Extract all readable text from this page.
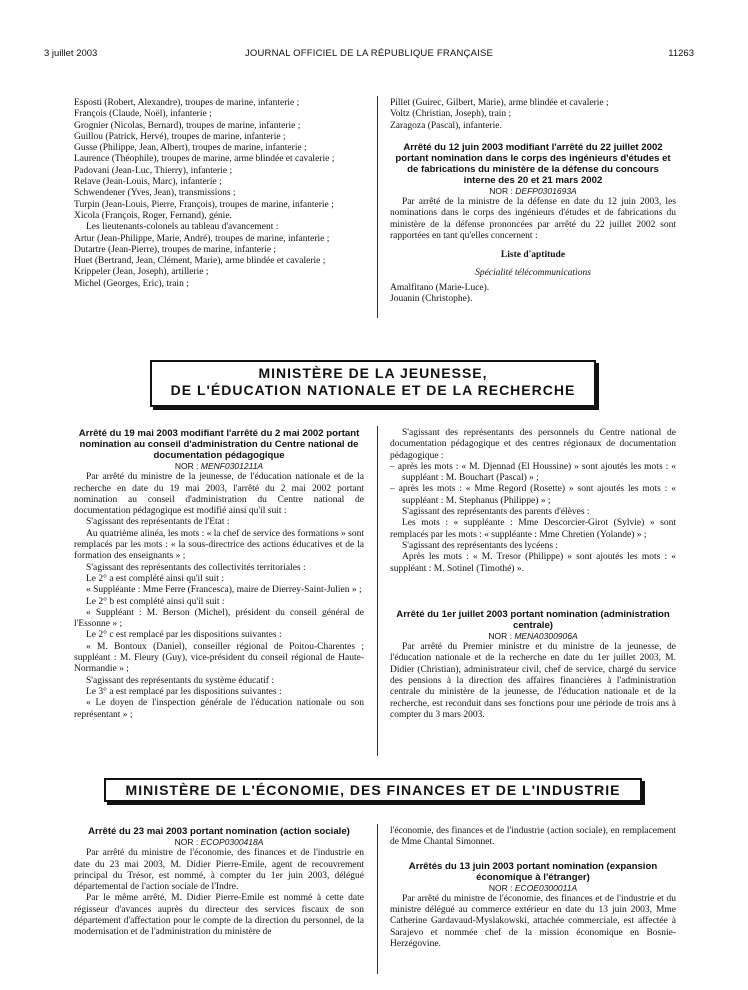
3 juillet 2003	JOURNAL OFFICIEL DE LA RÉPUBLIQUE FRANÇAISE	11263

Esposti (Robert, Alexandre), troupes de marine, infanterie ;

François (Claude, Noël), infanterie ;

Grognier (Nicolas, Bernard), troupes de marine, infanterie ;

Guillou (Patrick, Hervé), troupes de marine, infanterie ;

Gusse (Philippe, Jean, Albert), troupes de marine, infanterie ;

Laurence (Théophile), troupes de marine, arme blindée et cavalerie ;

Padovani (Jean-Luc, Thierry), infanterie ;

Relave (Jean-Louis, Marc), infanterie ;

Schwendener (Yves, Jean), transmissions ;

Turpin (Jean-Louis, Pierre, François), troupes de marine, infanterie ;

Xicola (François, Roger, Fernand), génie.

Les lieutenants-colonels au tableau d'avancement :

Artur (Jean-Philippe, Marie, André), troupes de marine, infanterie ;

Dutartre (Jean-Pierre), troupes de marine, infanterie ;

Huet (Bertrand, Jean, Clément, Marie), arme blindée et cavalerie ;

Krippeler (Jean, Joseph), artillerie ;

Michel (Georges, Eric), train ;

Pillet (Guirec, Gilbert, Marie), arme blindée et cavalerie ;

Voltz (Christian, Joseph), train ;

Zaragoza (Pascal), infanterie.

Arrêté du 12 juin 2003 modifiant l'arrêté du 22 juillet 2002 portant nomination dans le corps des ingénieurs d'études et de fabrications du ministère de la défense du concours interne des 20 et 21 mars 2002

NOR : DEFP0301693A

Par arrêté de la ministre de la défense en date du 12 juin 2003, les nominations dans le corps des ingénieurs d'études et de fabrications du ministère de la défense prononcées par arrêté du 22 juillet 2002 sont rapportées en tant qu'elles concernent :

Liste d'aptitude

Spécialité télécommunications

Amalfitano (Marie-Luce).

Jouanin (Christophe).

MINISTÈRE DE LA JEUNESSE,
DE L'ÉDUCATION NATIONALE ET DE LA RECHERCHE

Arrêté du 19 mai 2003 modifiant l'arrêté du 2 mai 2002 portant nomination au conseil d'administration du Centre national de documentation pédagogique

NOR : MENF0301211A

Par arrêté du ministre de la jeunesse, de l'éducation nationale et de la recherche en date du 19 mai 2003, l'arrêté du 2 mai 2002 portant nomination au conseil d'administration du Centre national de documentation pédagogique est modifié ainsi qu'il suit :

S'agissant des représentants de l'Etat :

Au quatrième alinéa, les mots : « la chef de service des formations » sont remplacés par les mots : « la sous-directrice des actions éducatives et de la formation des enseignants » ;

S'agissant des représentants des collectivités territoriales :

Le 2° a est complété ainsi qu'il suit :

« Suppléante : Mme Ferre (Francesca), maire de Dierrey-Saint-Julien » ;

Le 2° b est complété ainsi qu'il suit :

« Suppléant : M. Berson (Michel), président du conseil général de l'Essonne » ;

Le 2° c est remplacé par les dispositions suivantes :

« M. Bontoux (Daniel), conseiller régional de Poitou-Charentes ; suppléant : M. Fleury (Guy), vice-président du conseil régional de Haute-Normandie » ;

S'agissant des représentants du système éducatif :

Le 3° a est remplacé par les dispositions suivantes :

« Le doyen de l'inspection générale de l'éducation nationale ou son représentant » ;

S'agissant des représentants des personnels du Centre national de documentation pédagogique et des centres régionaux de documentation pédagogique :

– après les mots : « M. Djennad (El Houssine) » sont ajoutés les mots : « suppléant : M. Bouchart (Pascal) » ;

– après les mots : « Mme Regord (Rosette) » sont ajoutés les mots : « suppléant : M. Stephanus (Philippe) » ;

S'agissant des représentants des parents d'élèves :

Les mots : « suppléante : Mme Descorcier-Girot (Sylvie) » sont remplacés par les mots : « suppléante : Mme Chretien (Yolande) » ;

S'agissant des représentants des lycéens :

Après les mots : « M. Tresor (Philippe) » sont ajoutés les mots : « suppléant : M. Sotinel (Timothé) ».

Arrêté du 1er juillet 2003 portant nomination (administration centrale)

NOR : MENA0300906A

Par arrêté du Premier ministre et du ministre de la jeunesse, de l'éducation nationale et de la recherche en date du 1er juillet 2003, M. Didier (Christian), administrateur civil, chef de service, chargé du service des pensions à la direction des affaires financières à l'administration centrale du ministère de la jeunesse, de l'éducation nationale et de la recherche, est reconduit dans ses fonctions pour une période de trois ans à compter du 3 mars 2003.

MINISTÈRE DE L'ÉCONOMIE, DES FINANCES ET DE L'INDUSTRIE

Arrêté du 23 mai 2003 portant nomination (action sociale)

NOR : ECOP0300418A

Par arrêté du ministre de l'économie, des finances et de l'industrie en date du 23 mai 2003, M. Didier Pierre-Emile, agent de recouvrement principal du Trésor, est nommé, à compter du 1er juin 2003, délégué départemental de l'action sociale de l'Indre.

Par le même arrêté, M. Didier Pierre-Emile est nommé à cette date régisseur d'avances auprès du directeur des services fiscaux de son département d'affectation pour le compte de la direction du personnel, de la modernisation et de l'administration du ministère de

l'économie, des finances et de l'industrie (action sociale), en remplacement de Mme Chantal Simonnet.

Arrêtés du 13 juin 2003 portant nomination (expansion économique à l'étranger)

NOR : ECOE0300011A

Par arrêté du ministre de l'économie, des finances et de l'industrie et du ministre délégué au commerce extérieur en date du 13 juin 2003, Mme Catherine Gardavaud-Myslakowski, attachée commerciale, est affectée à Sarajevo et nommée chef de la mission économique en Bosnie-Herzégovine.
